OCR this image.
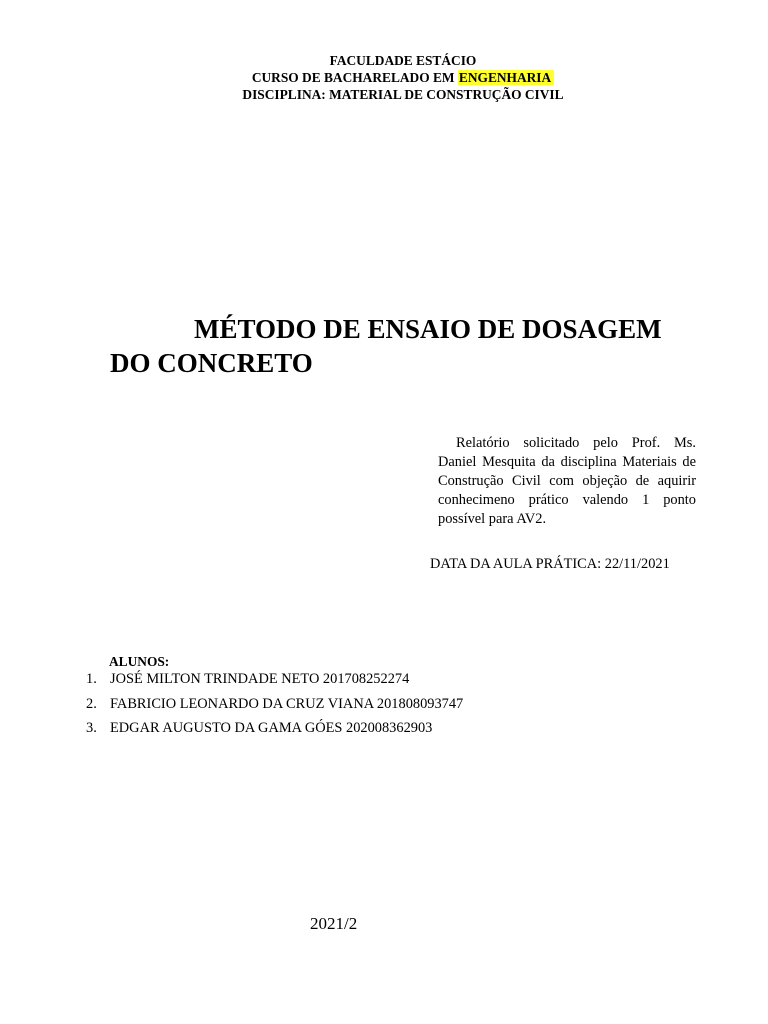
FACULDADE ESTÁCIO
CURSO DE BACHARELADO EM ENGENHARIA
DISCIPLINA: MATERIAL DE CONSTRUÇÃO CIVIL
MÉTODO DE ENSAIO DE DOSAGEM
DO CONCRETO
Relatório solicitado pelo Prof. Ms. Daniel Mesquita da disciplina Materiais de Construção Civil com objeção de aquirir conhecimeno prático valendo 1 ponto possível para AV2.
DATA DA AULA PRÁTICA: 22/11/2021
ALUNOS:
1. JOSÉ MILTON TRINDADE NETO 201708252274
2. FABRICIO LEONARDO DA CRUZ VIANA 201808093747
3. EDGAR AUGUSTO DA GAMA GÓES 202008362903
2021/2
